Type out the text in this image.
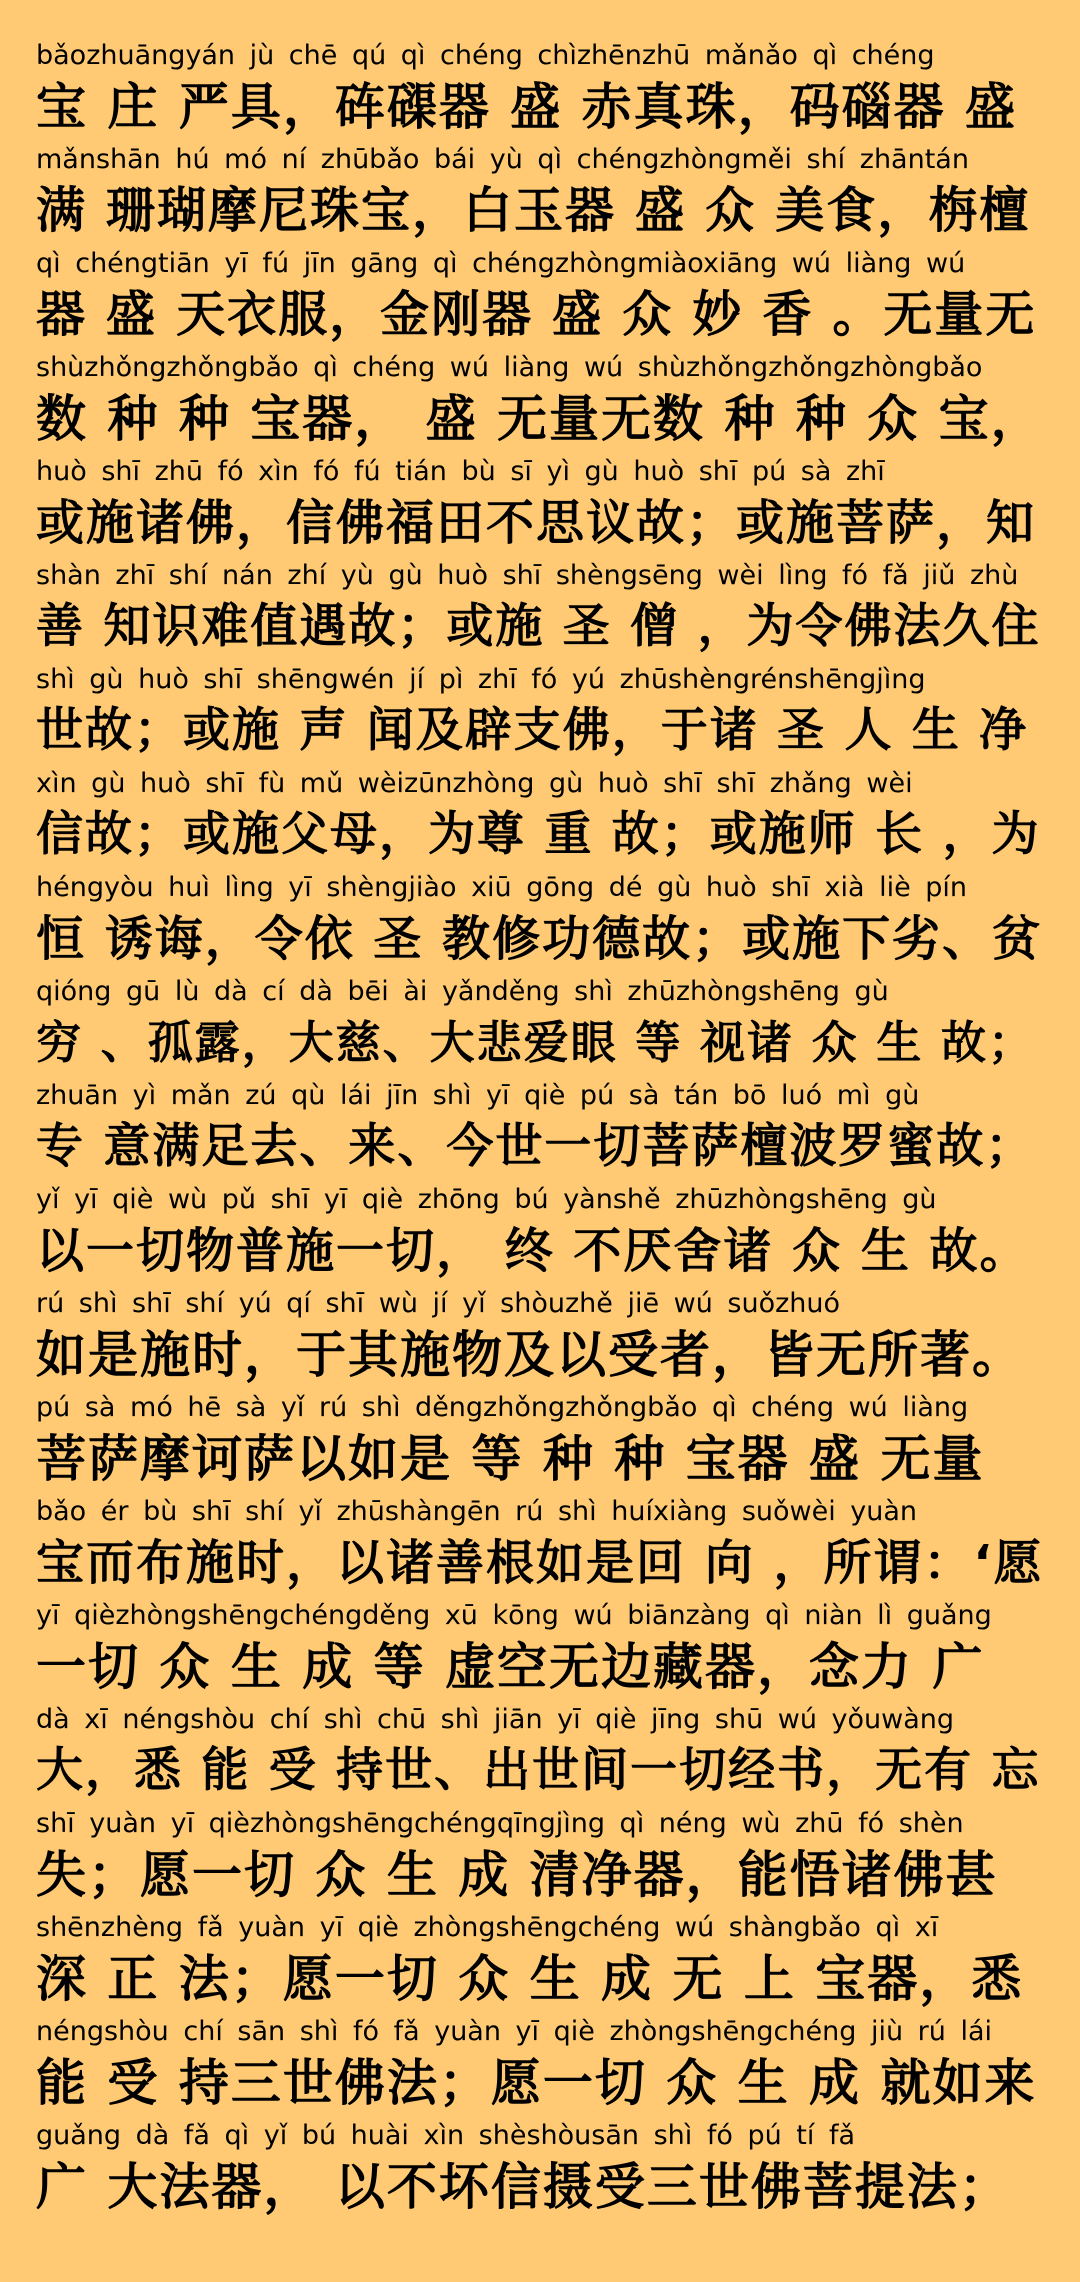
bǎozhuāngyán jù chē qú qì chéng chìzhēnzhū mǎnǎo qì chéng
宝 庄 严具，砗磲器 盛 赤真珠，码碯器 盛
mǎnshān hú mó ní zhūbǎo bái yù qì chéngzhòngměi shí zhāntán
满 珊瑚摩尼珠宝，白玉器 盛 众 美食，栴檀
qì chéngtiān yī fú jīn gāng qì chéngzhòngmiàoxiāng wú liàng wú
器 盛 天衣服，金刚器 盛 众 妙 香 。无量无
shùzhǒngzhǒngbǎo qì chéng wú liàng wú shùzhǒngzhǒngzhòngbǎo
数 种 种 宝器， 盛 无量无数 种 种 众 宝，
huò shī zhū fó xìn fó fú tián bù sī yì gù huò shī pú sà zhī
或施诸佛，信佛福田不思议故；或施菩萨，知
shàn zhī shí nán zhí yù gù huò shī shèngsēng wèi lìng fó fǎ jiǔ zhù
善 知识难值遇故；或施 圣 僧 ，为令佛法久住
shì gù huò shī shēngwén jí pì zhī fó yú zhūshèngrénshēngjìng
世故；或施 声 闻及辟支佛，于诸 圣 人 生 净
xìn gù huò shī fù mǔ wèizūnzhòng gù huò shī shī zhǎng wèi
信故；或施父母，为尊 重 故；或施师 长 ，为
héngyòu huì lìng yī shèngjiào xiū gōng dé gù huò shī xià liè pín
恒 诱诲，令依 圣 教修功德故；或施下劣、贫
qióng gū lù dà cí dà bēi ài yǎnděng shì zhūzhòngshēng gù
穷 、孤露，大慈、大悲爱眼 等 视诸 众 生 故；
zhuān yì mǎn zú qù lái jīn shì yī qiè pú sà tán bō luó mì gù
专 意满足去、来、今世一切菩萨檀波罗蜜故；
yǐ yī qiè wù pǔ shī yī qiè zhōng bú yànshě zhūzhòngshēng gù
以一切物普施一切， 终 不厌舍诸 众 生 故。
rú shì shī shí yú qí shī wù jí yǐ shòuzhě jiē wú suǒzhuó
如是施时，于其施物及以受者，皆无所著。
pú sà mó hē sà yǐ rú shì děngzhǒngzhǒngbǎo qì chéng wú liàng
菩萨摩诃萨以如是 等 种 种 宝器 盛 无量
bǎo ér bù shī shí yǐ zhūshàngēn rú shì huíxiàng suǒwèi yuàn
宝而布施时，以诸善根如是回 向 ，所谓：‘愿
yī qièzhòngshēngchéngděng xū kōng wú biānzàng qì niàn lì guǎng
一切 众 生 成 等 虚空无边藏器，念力 广
dà xī néngshòu chí shì chū shì jiān yī qiè jīng shū wú yǒuwàng
大，悉 能 受 持世、出世间一切经书，无有 忘
shī yuàn yī qièzhòngshēngchéngqīngjìng qì néng wù zhū fó shèn
失；愿一切 众 生 成 清净器，能悟诸佛甚
shēnzhèng fǎ yuàn yī qiè zhòngshēngchéng wú shàngbǎo qì xī
深 正 法；愿一切 众 生 成 无 上 宝器，悉
néngshòu chí sān shì fó fǎ yuàn yī qiè zhòngshēngchéng jiù rú lái
能 受 持三世佛法；愿一切 众 生 成 就如来
guǎng dà fǎ qì yǐ bú huài xìn shèshòusān shì fó pú tí fǎ
广 大法器， 以不坏信摄受三世佛菩提法；
